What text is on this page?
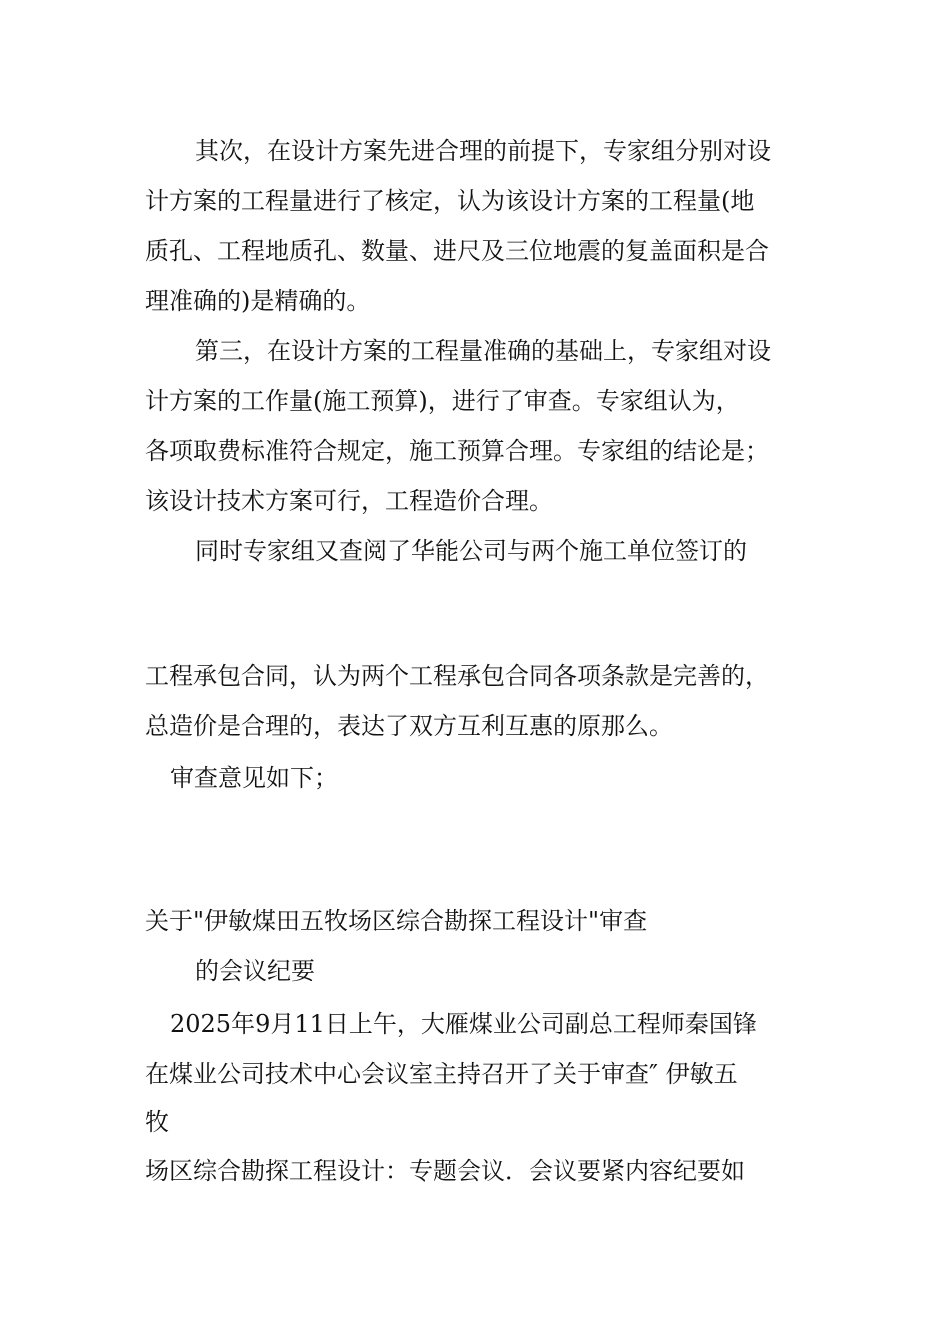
其次，在设计方案先进合理的前提下，专家组分别对设
计方案的工程量进行了核定，认为该设计方案的工程量(地
质孔、工程地质孔、数量、进尺及三位地震的复盖面积是合
理准确的)是精确的。
第三，在设计方案的工程量准确的基础上，专家组对设
计方案的工作量(施工预算)，进行了审查。专家组认为，
各项取费标准符合规定，施工预算合理。专家组的结论是；
该设计技术方案可行，工程造价合理。
同时专家组又查阅了华能公司与两个施工单位签订的
工程承包合同，认为两个工程承包合同各项条款是完善的，
总造价是合理的，表达了双方互利互惠的原那么。
审查意见如下；
关于"伊敏煤田五牧场区综合勘探工程设计"审查
的会议纪要
2025年9月11日上午，大雁煤业公司副总工程师秦国锋
在煤业公司技术中心会议室主持召开了关于审查″ 伊敏五
牧
场区综合勘探工程设计：专题会议．会议要紧内容纪要如
